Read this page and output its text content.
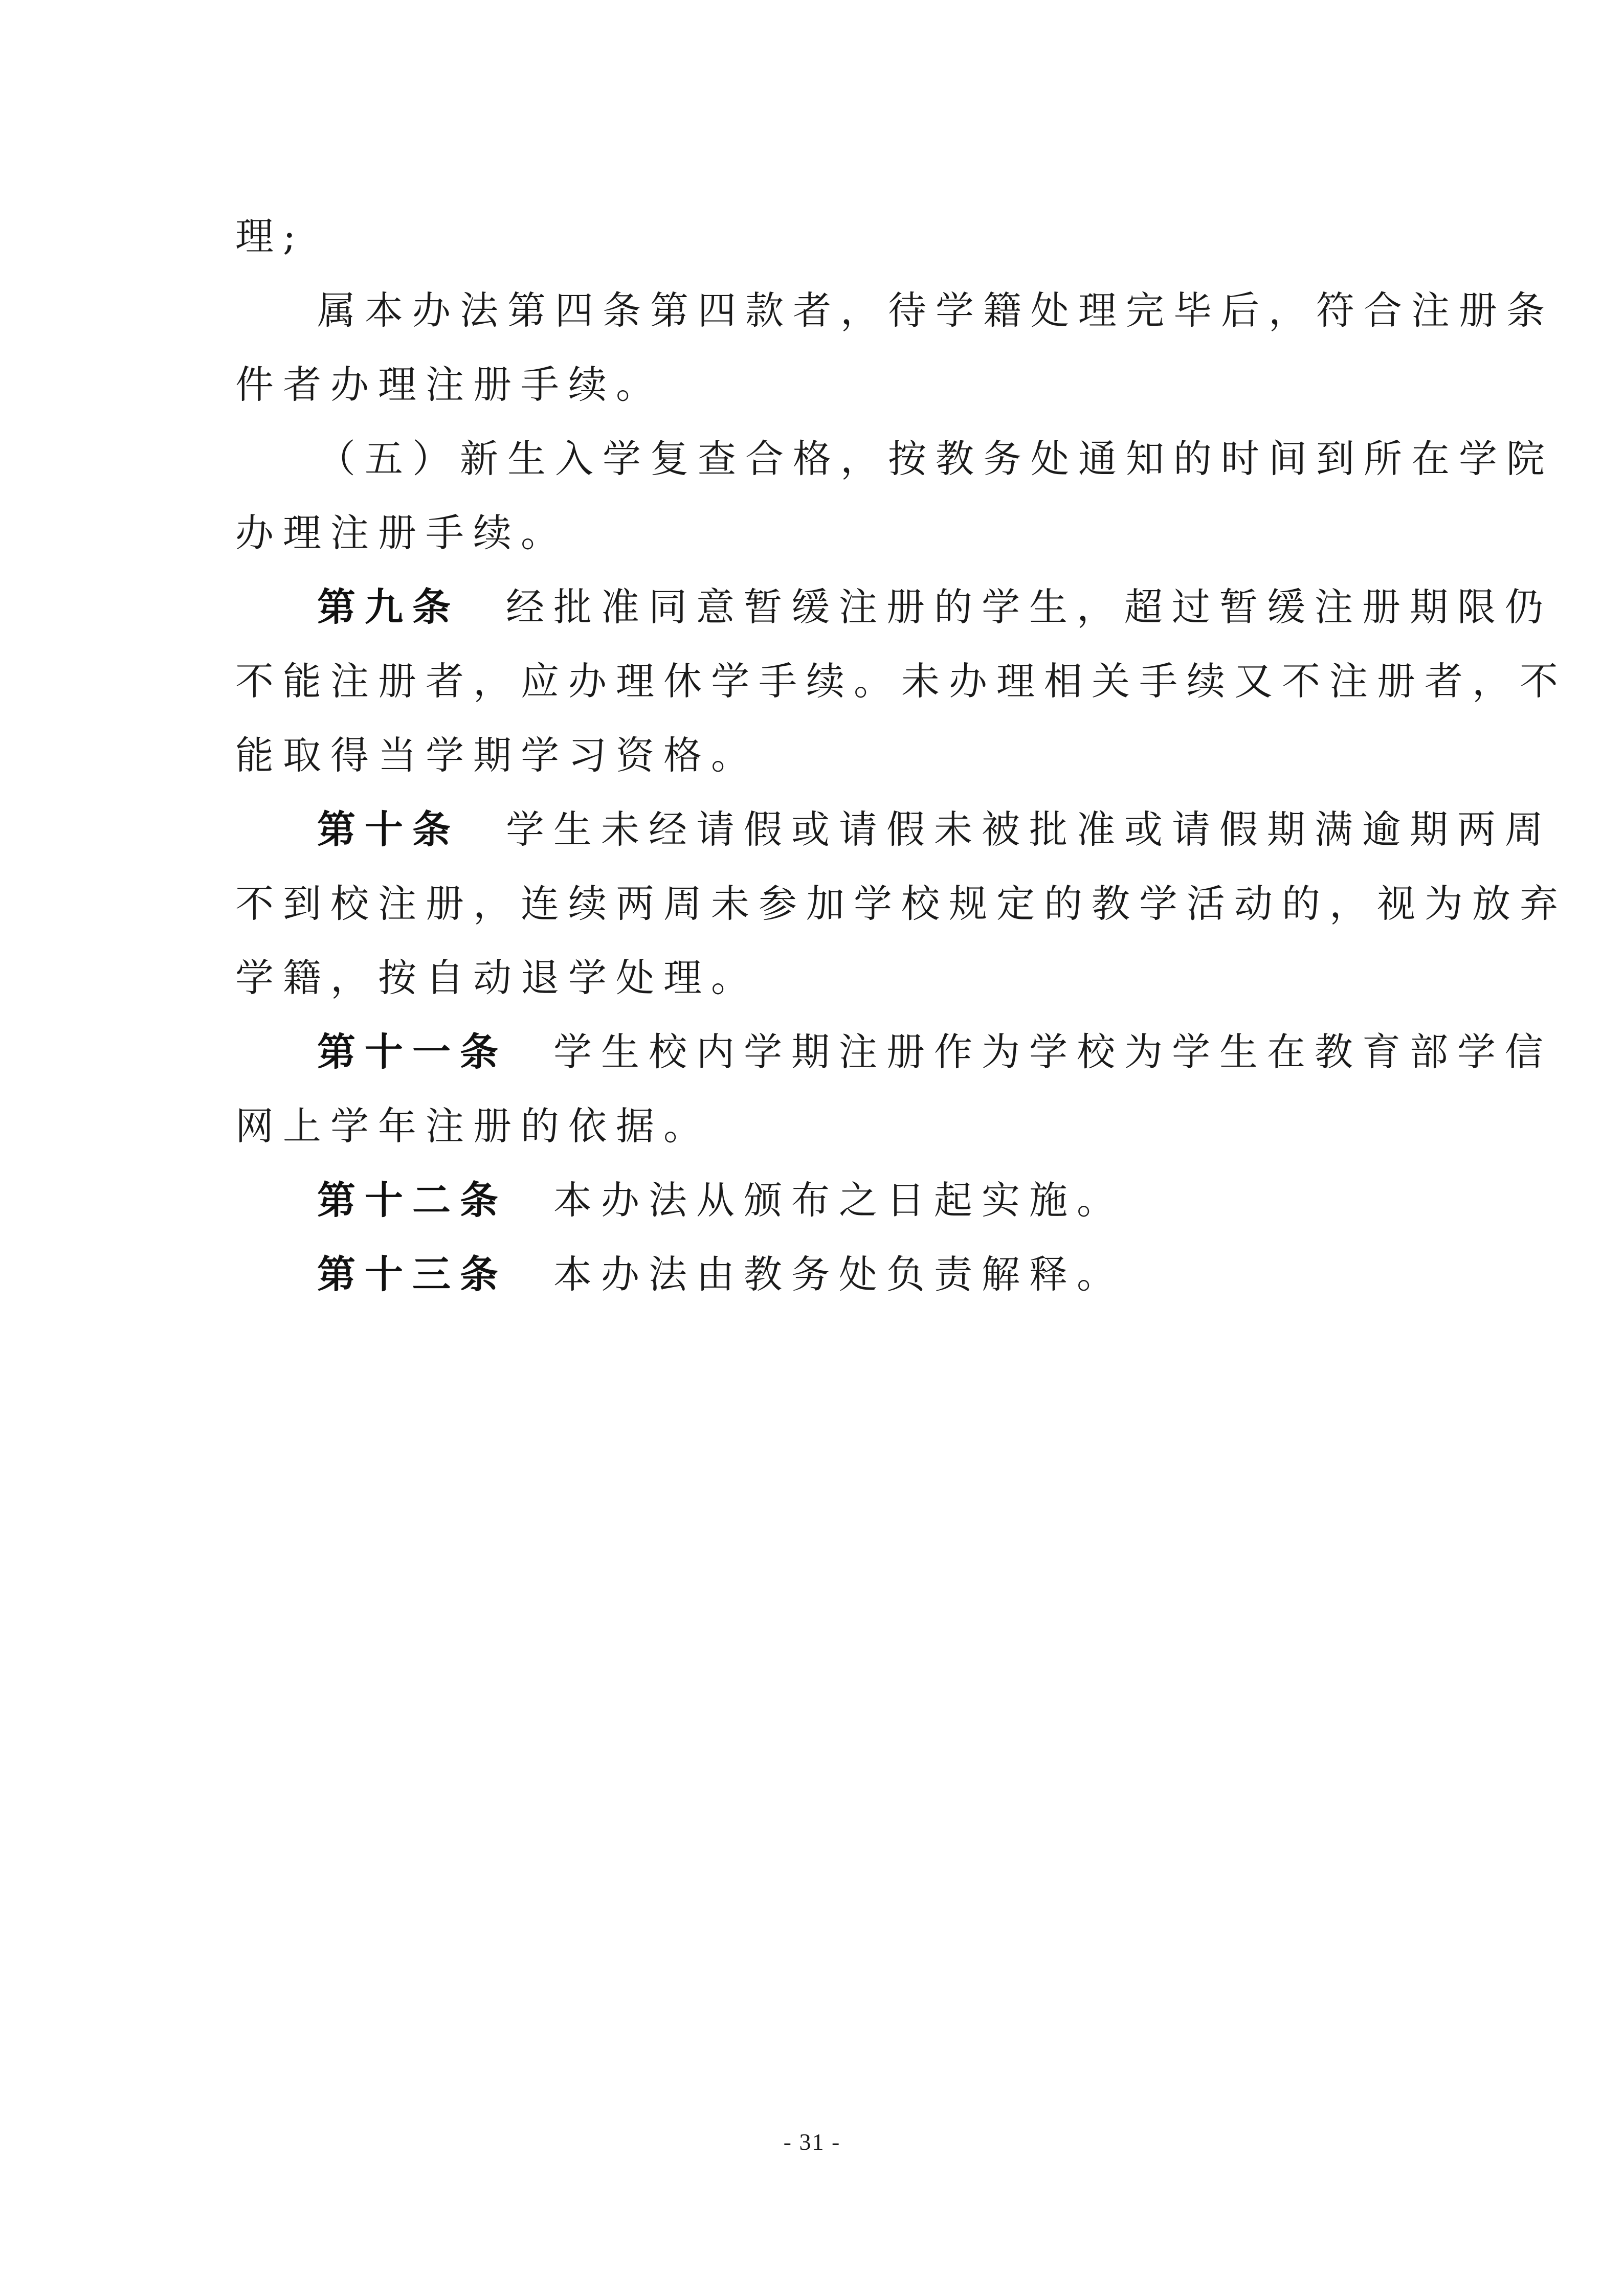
理;
属本办法第四条第四款者，待学籍处理完毕后，符合注册条
件者办理注册手续。
（五）新生入学复查合格，按教务处通知的时间到所在学院
办理注册手续。
第九条 经批准同意暂缓注册的学生，超过暂缓注册期限仍
不能注册者，应办理休学手续。未办理相关手续又不注册者，不
能取得当学期学习资格。
第十条 学生未经请假或请假未被批准或请假期满逾期两周
不到校注册，连续两周未参加学校规定的教学活动的，视为放弃
学籍，按自动退学处理。
第十一条 学生校内学期注册作为学校为学生在教育部学信
网上学年注册的依据。
第十二条 本办法从颁布之日起实施。
第十三条 本办法由教务处负责解释。
- 31 -
